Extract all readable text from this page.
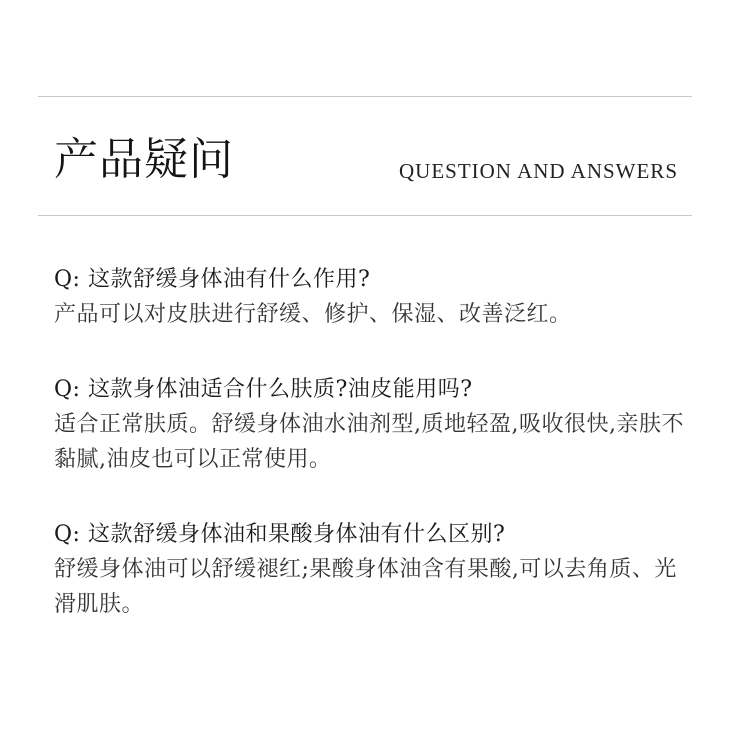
产品疑问	QUESTION AND ANSWERS

Q: 这款舒缓身体油有什么作用?

产品可以对皮肤进行舒缓、修护、保湿、改善泛红。

Q: 这款身体油适合什么肤质?油皮能用吗?

适合正常肤质。舒缓身体油水油剂型,质地轻盈,吸收很快,亲肤不黏腻,油皮也可以正常使用。

Q: 这款舒缓身体油和果酸身体油有什么区别?

舒缓身体油可以舒缓褪红;果酸身体油含有果酸,可以去角质、光滑肌肤。
